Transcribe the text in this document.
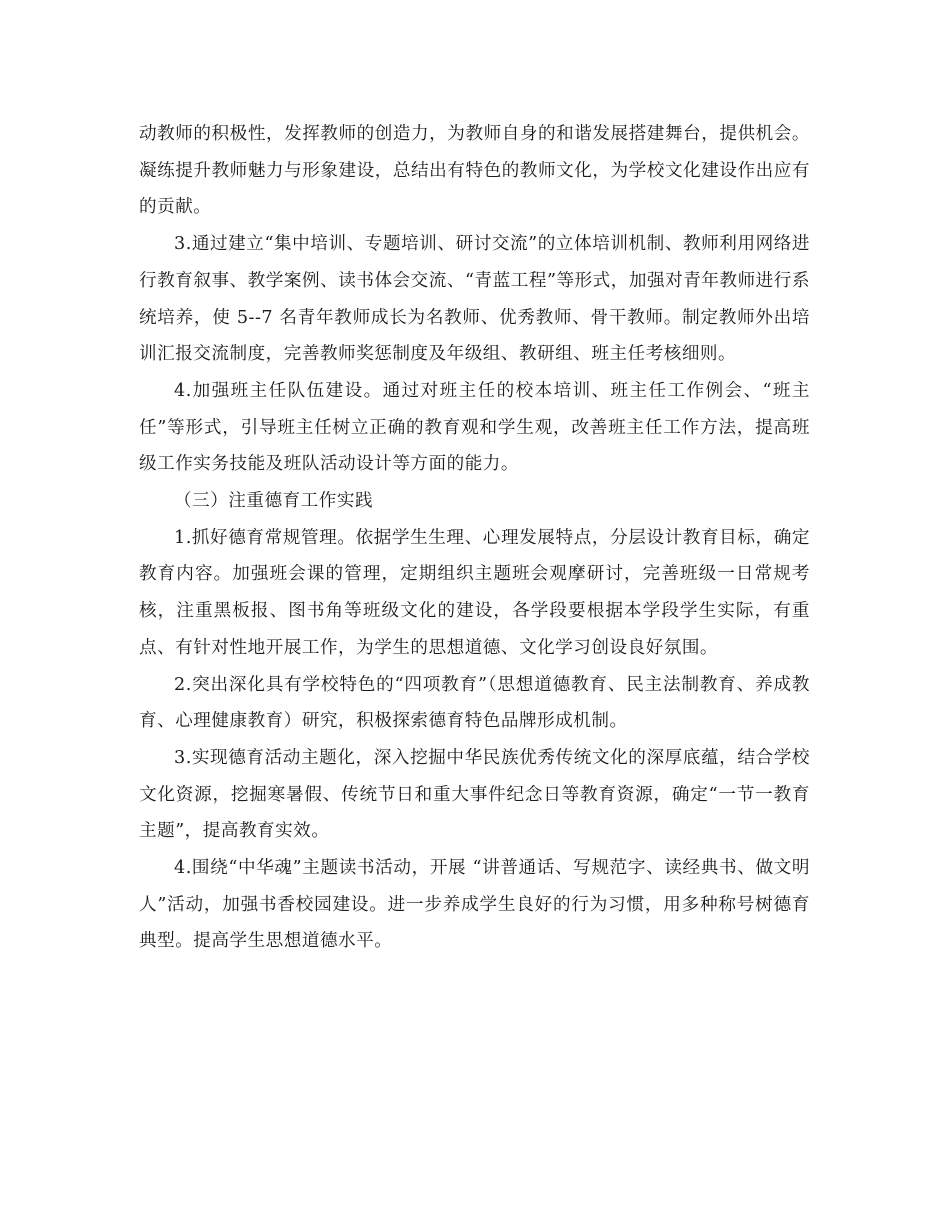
动教师的积极性，发挥教师的创造力，为教师自身的和谐发展搭建舞台，提供机会。凝练提升教师魅力与形象建设，总结出有特色的教师文化，为学校文化建设作出应有的贡献。

3.通过建立“集中培训、专题培训、研讨交流”的立体培训机制、教师利用网络进行教育叙事、教学案例、读书体会交流、“青蓝工程”等形式，加强对青年教师进行系统培养，使 5--7 名青年教师成长为名教师、优秀教师、骨干教师。制定教师外出培训汇报交流制度，完善教师奖惩制度及年级组、教研组、班主任考核细则。

4.加强班主任队伍建设。通过对班主任的校本培训、班主任工作例会、“班主任”等形式，引导班主任树立正确的教育观和学生观，改善班主任工作方法，提高班级工作实务技能及班队活动设计等方面的能力。

（三）注重德育工作实践

1.抓好德育常规管理。依据学生生理、心理发展特点，分层设计教育目标，确定教育内容。加强班会课的管理，定期组织主题班会观摩研讨，完善班级一日常规考核，注重黑板报、图书角等班级文化的建设，各学段要根据本学段学生实际，有重点、有针对性地开展工作，为学生的思想道德、文化学习创设良好氛围。

2.突出深化具有学校特色的“四项教育”（思想道德教育、民主法制教育、养成教育、心理健康教育）研究，积极探索德育特色品牌形成机制。

3.实现德育活动主题化，深入挖掘中华民族优秀传统文化的深厚底蕴，结合学校文化资源，挖掘寒暑假、传统节日和重大事件纪念日等教育资源，确定“一节一教育主题”，提高教育实效。

4.围绕“中华魂”主题读书活动，开展 “讲普通话、写规范字、读经典书、做文明人”活动，加强书香校园建设。进一步养成学生良好的行为习惯，用多种称号树德育典型。提高学生思想道德水平。
